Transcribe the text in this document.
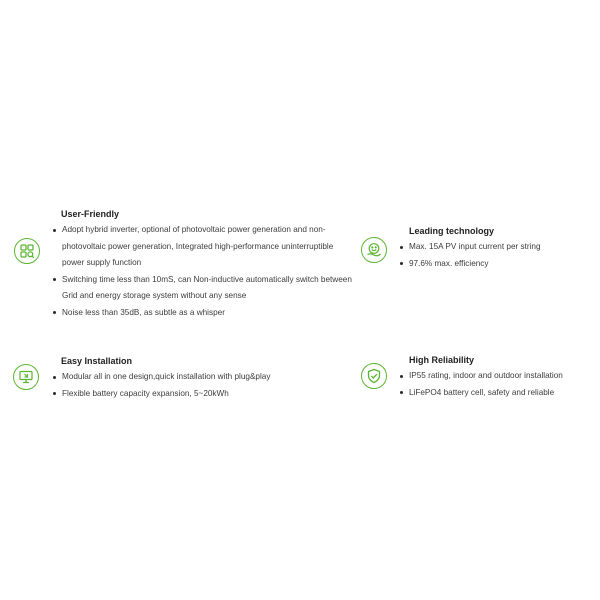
User-Friendly
Adopt hybrid inverter, optional of photovoltaic power generation and non-photovoltaic power generation, Integrated high-performance uninterruptible power supply function
Switching time less than 10mS, can Non-inductive automatically switch between Grid and energy storage system without any sense
Noise less than 35dB, as subtle as a whisper
Leading technology
Max. 15A PV input current per string
97.6% max. efficiency
Easy Installation
Modular all in one design,quick installation with plug&play
Flexible battery capacity expansion, 5~20kWh
High Reliability
IP55 rating, indoor and outdoor installation
LiFePO4 battery cell, safety and reliable
